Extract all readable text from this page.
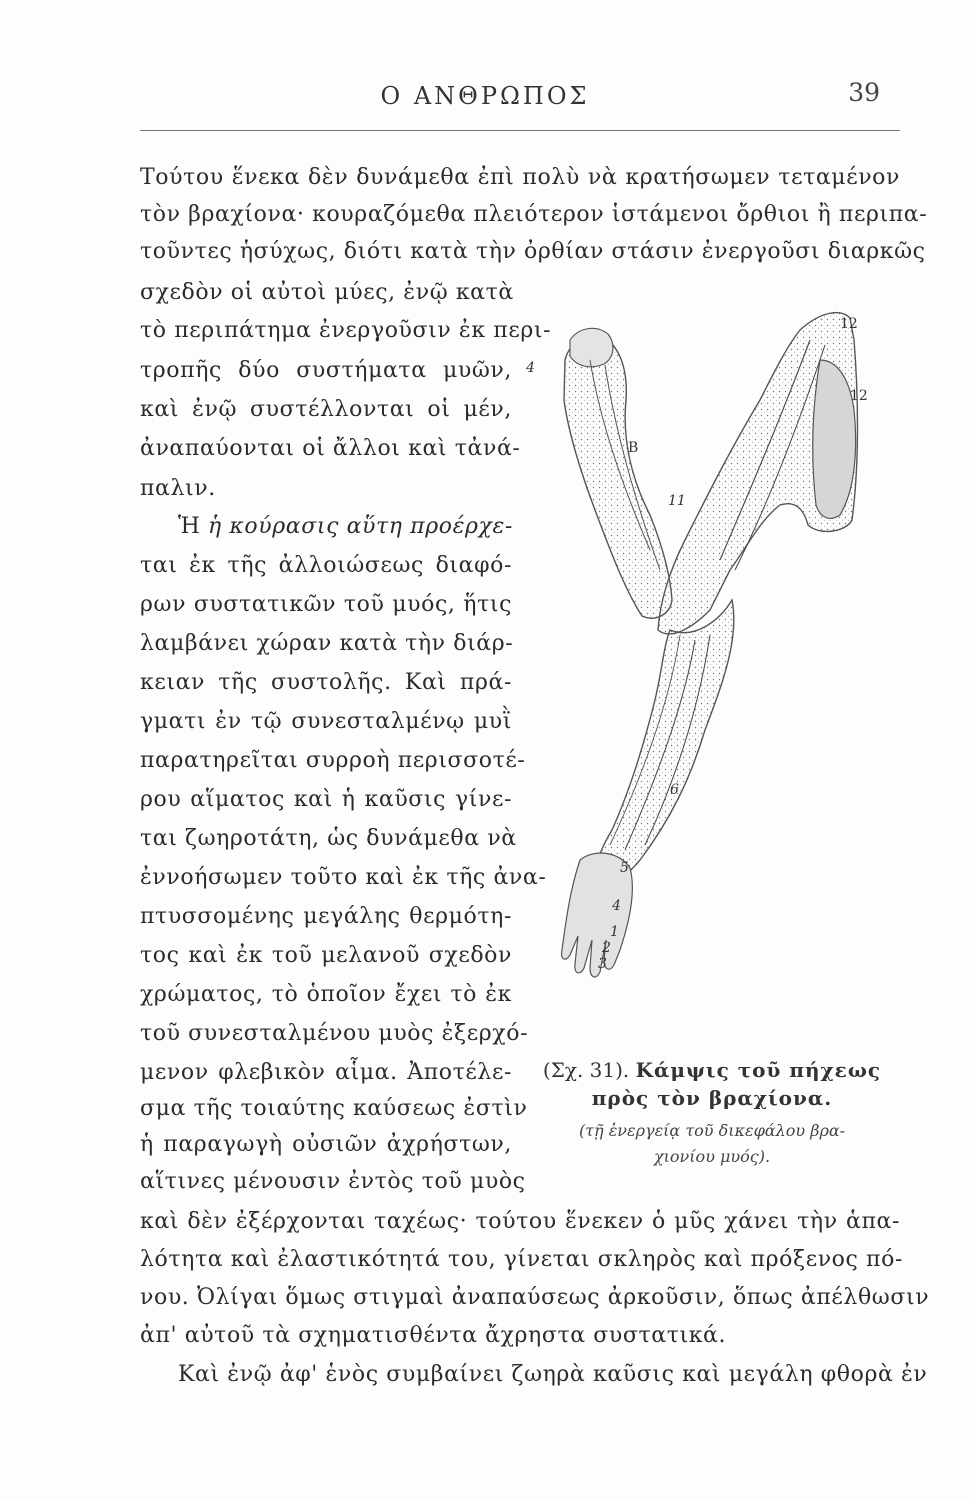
Ο ΑΝΘΡΩΠΟΣ	39
Τούτου ἕνεκα δὲν δυνάμεθα ἐπὶ πολὺ νὰ κρατήσωμεν τεταμένον
τὸν βραχίονα· κουραζόμεθα πλειότερον ἱστάμενοι ὄρθιοι ἢ περιπα-
τοῦντες ἡσύχως, διότι κατὰ τὴν ὀρθίαν στάσιν ἐνεργοῦσι διαρκῶς
σχεδὸν οἱ αὐτοὶ μύες, ἐνῷ κατὰ
τὸ περιπάτημα ἐνεργοῦσιν ἐκ περι-
τροπῆς δύο συστήματα μυῶν,
καὶ ἐνῷ συστέλλονται οἱ μέν,
ἀναπαύονται οἱ ἄλλοι καὶ τἀνά-
παλιν.
Ἡ ἡ κούρασις αὕτη προέρχε-
ται ἐκ τῆς ἀλλοιώσεως διαφό-
ρων συστατικῶν τοῦ μυός, ἥτις
λαμβάνει χώραν κατὰ τὴν διάρ-
κειαν τῆς συστολῆς. Καὶ πρά-
γματι ἐν τῷ συνεσταλμένῳ μυῒ
παρατηρεῖται συρροὴ περισσοτέ-
ρου αἵματος καὶ ἡ καῦσις γίνε-
ται ζωηροτάτη, ὡς δυνάμεθα νὰ
ἐννοήσωμεν τοῦτο καὶ ἐκ τῆς ἀνα-
πτυσσομένης μεγάλης θερμότη-
τος καὶ ἐκ τοῦ μελανοῦ σχεδὸν
χρώματος, τὸ ὁποῖον ἔχει τὸ ἐκ
τοῦ συνεσταλμένου μυὸς ἐξερχό-
μενον φλεβικὸν αἷμα. Ἀποτέλε-
σμα τῆς τοιαύτης καύσεως ἐστὶν
ἡ παραγωγὴ οὐσιῶν ἀχρήστων,
αἵτινες μένουσιν ἐντὸς τοῦ μυὸς
καὶ δὲν ἐξέρχονται ταχέως· τούτου ἕνεκεν ὁ μῦς χάνει τὴν ἁπα-
λότητα καὶ ἐλαστικότητά του, γίνεται σκληρὸς καὶ πρόξενος πό-
νου. Ὀλίγαι ὅμως στιγμαὶ ἀναπαύσεως ἀρκοῦσιν, ὅπως ἀπέλθωσιν
ἀπ' αὐτοῦ τὰ σχηματισθέντα ἄχρηστα συστατικά.
Καὶ ἐνῷ ἀφ' ἑνὸς συμβαίνει ζωηρὰ καῦσις καὶ μεγάλη φθορὰ ἐν
4
B
12
12
11
6
5
4
1
2
3
(Σχ. 31). Κάμψις τοῦ πήχεως
πρὸς τὸν βραχίονα.
(τῇ ἐνεργείᾳ τοῦ δικεφάλου βρα-
χιονίου μυός).
